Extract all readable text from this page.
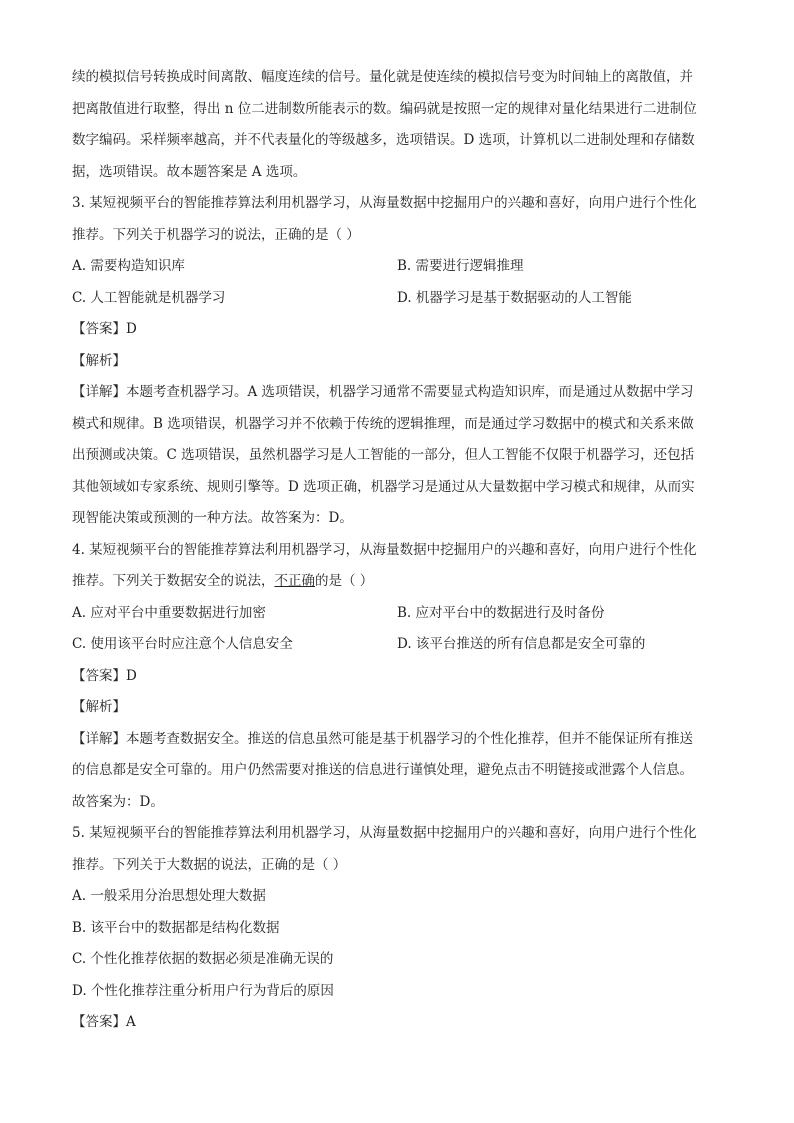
续的模拟信号转换成时间离散、幅度连续的信号。量化就是使连续的模拟信号变为时间轴上的离散值，并

把离散值进行取整，得出 n 位二进制数所能表示的数。编码就是按照一定的规律对量化结果进行二进制位

数字编码。采样频率越高，并不代表量化的等级越多，选项错误。D 选项，计算机以二进制处理和存储数

据，选项错误。故本题答案是 A 选项。

3. 某短视频平台的智能推荐算法利用机器学习，从海量数据中挖掘用户的兴趣和喜好，向用户进行个性化

推荐。下列关于机器学习的说法，正确的是（ ）

A. 需要构造知识库	B. 需要进行逻辑推理
C. 人工智能就是机器学习	D. 机器学习是基于数据驱动的人工智能

【答案】D

【解析】

【详解】本题考查机器学习。A 选项错误，机器学习通常不需要显式构造知识库，而是通过从数据中学习

模式和规律。B 选项错误，机器学习并不依赖于传统的逻辑推理，而是通过学习数据中的模式和关系来做

出预测或决策。C 选项错误，虽然机器学习是人工智能的一部分，但人工智能不仅限于机器学习，还包括

其他领域如专家系统、规则引擎等。D 选项正确，机器学习是通过从大量数据中学习模式和规律，从而实

现智能决策或预测的一种方法。故答案为：D。

4. 某短视频平台的智能推荐算法利用机器学习，从海量数据中挖掘用户的兴趣和喜好，向用户进行个性化

推荐。下列关于数据安全的说法，不正确的是（ ）

A. 应对平台中重要数据进行加密	B. 应对平台中的数据进行及时备份
C. 使用该平台时应注意个人信息安全	D. 该平台推送的所有信息都是安全可靠的

【答案】D

【解析】

【详解】本题考查数据安全。推送的信息虽然可能是基于机器学习的个性化推荐，但并不能保证所有推送

的信息都是安全可靠的。用户仍然需要对推送的信息进行谨慎处理，避免点击不明链接或泄露个人信息。

故答案为：D。

5. 某短视频平台的智能推荐算法利用机器学习，从海量数据中挖掘用户的兴趣和喜好，向用户进行个性化

推荐。下列关于大数据的说法，正确的是（ ）

A. 一般采用分治思想处理大数据
B. 该平台中的数据都是结构化数据
C. 个性化推荐依据的数据必须是准确无误的
D. 个性化推荐注重分析用户行为背后的原因

【答案】A
